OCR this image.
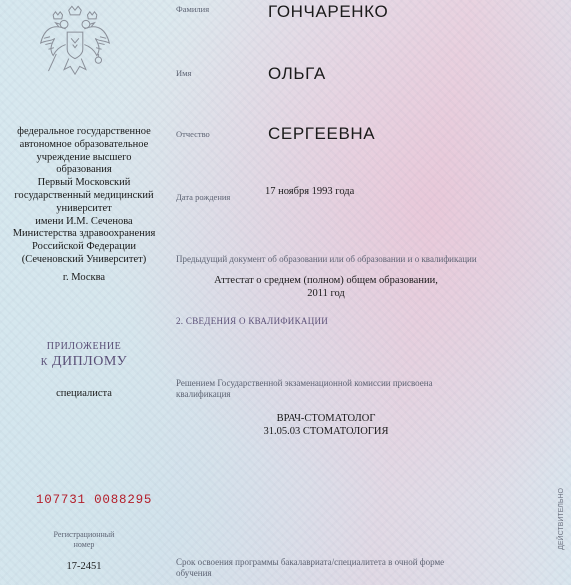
федеральное государственное
автономное образовательное
учреждение высшего
образования
Первый Московский
государственный медицинский
университет
имени И.М. Сеченова
Министерства здравоохранения
Российской Федерации
(Сеченовский Университет)
г. Москва
ПРИЛОЖЕНИЕ
к ДИПЛОМУ
специалиста
107731 0088295
Регистрационный
номер
17-2451
Фамилия	ГОНЧАРЕНКО
Имя	ОЛЬГА
Отчество	СЕРГЕЕВНА
Дата рождения	17 ноября 1993 года
Предыдущий документ об образовании или об образовании и о квалификации
Аттестат о среднем (полном) общем образовании,
2011 год
2. СВЕДЕНИЯ О КВАЛИФИКАЦИИ
Решением Государственной экзаменационной комиссии присвоена
квалификация
ВРАЧ-СТОМАТОЛОГ
31.05.03 СТОМАТОЛОГИЯ
Срок освоения программы бакалавриата/специалитета в очной форме
обучения
ДЕЙСТВИТЕЛЬНО
